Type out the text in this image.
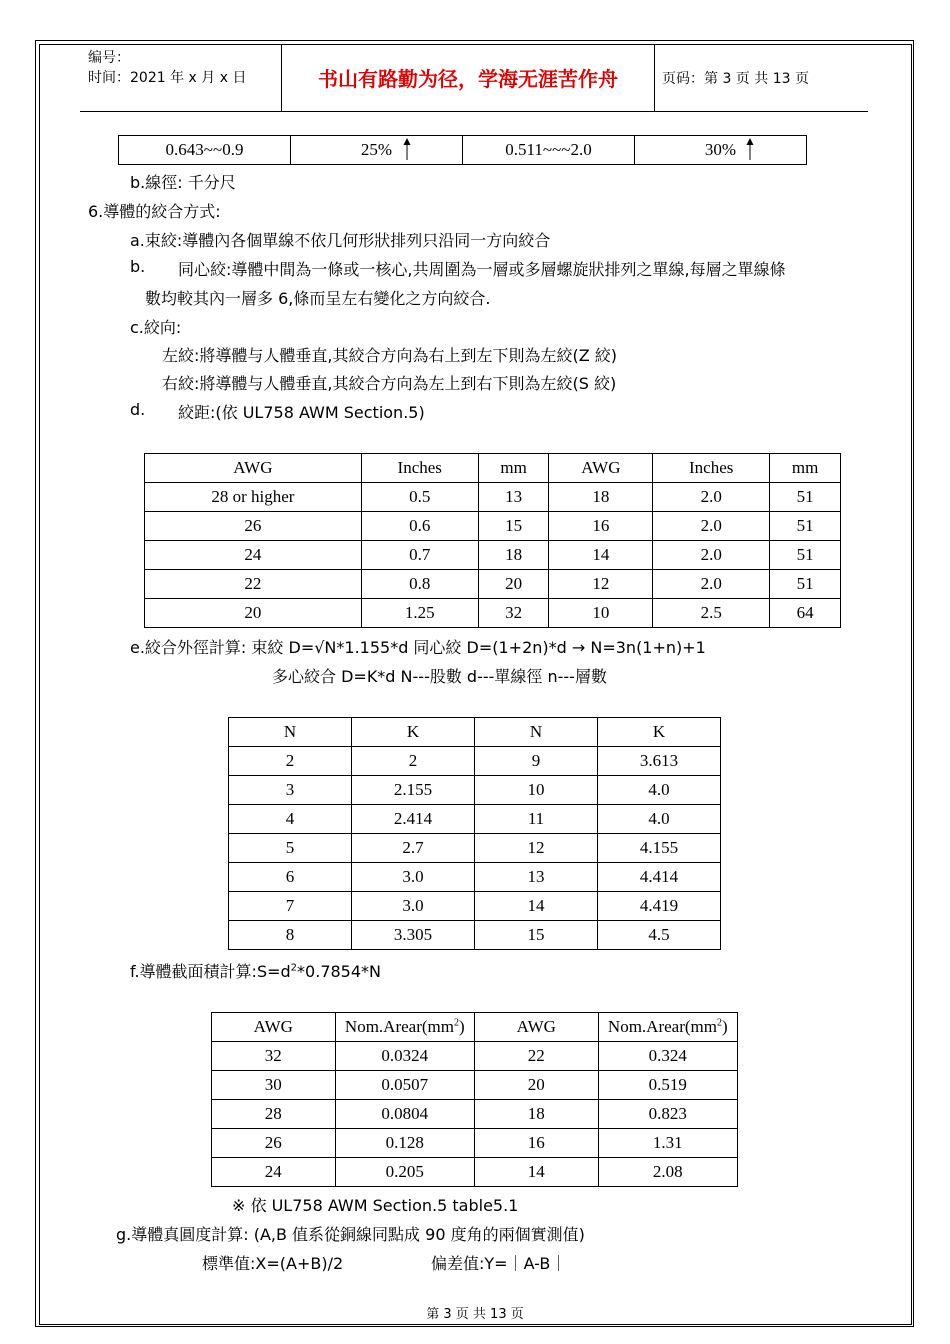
编号：
时间：2021 年 x 月 x 日	书山有路勤为径，学海无涯苦作舟	页码：第 3 页 共 13 页
0.643~~0.9	25%	0.511~~~2.0	30%
b.線徑: 千分尺
6.導體的絞合方式:
a.束絞:導體內各個單線不依几何形狀排列只沿同一方向絞合
b. 同心絞:導體中間為一條或一核心,共周圍為一層或多層螺旋狀排列之單線,每層之單線條
數均較其內一層多 6,條而呈左右變化之方向絞合.
c.絞向:
左絞:將導體与人體垂直,其絞合方向為右上到左下則為左絞(Z 絞)
右絞:將導體与人體垂直,其絞合方向為左上到右下則為左絞(S 絞)
d. 絞距:(依 UL758 AWM Section.5)
AWG	Inches	mm	AWG	Inches	mm
28 or higher	0.5	13	18	2.0	51
26	0.6	15	16	2.0	51
24	0.7	18	14	2.0	51
22	0.8	20	12	2.0	51
20	1.25	32	10	2.5	64
e.絞合外徑計算: 束絞 D=√N*1.155*d 同心絞 D=(1+2n)*d → N=3n(1+n)+1
多心絞合 D=K*d N---股數 d---單線徑 n---層數
N	K	N	K
2	2	9	3.613
3	2.155	10	4.0
4	2.414	11	4.0
5	2.7	12	4.155
6	3.0	13	4.414
7	3.0	14	4.419
8	3.305	15	4.5
f.導體截面積計算$:S=d^2*0.7854*N$
AWG	$Nom.Arear(mm^2)$	AWG	$Nom.Arear(mm^2)$
32	0.0324	22	0.324
30	0.0507	20	0.519
28	0.0804	18	0.823
26	0.128	16	1.31
24	0.205	14	2.08
※ 依 UL758 AWM Section.5 table5.1
g.導體真圓度計算: (A,B 值系從銅線同點成 90 度角的兩個實測值)
標準值:X=(A+B)/2	偏差值:Y=｜A-B｜
第 3 页 共 13 页
